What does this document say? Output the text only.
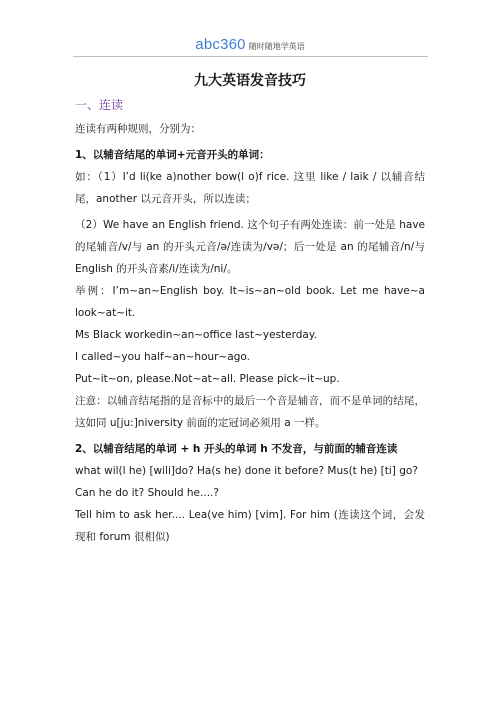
abc360 随时随地学英语
九大英语发音技巧
一、连读

连读有两种规则，分别为：

1、以辅音结尾的单词+元音开头的单词：

如：（1）I’d li(ke a)nother bow(l o)f rice. 这里 like / laik / 以辅音结尾，another 以元音开头，所以连读；

（2）We have an English friend. 这个句子有两处连读：前一处是 have 的尾辅音/v/与 an 的开头元音/ə/连读为/və/；后一处是 an 的尾辅音/n/与 English 的开头音素/i/连读为/ni/。

举例：I’m~an~English boy. It~is~an~old book. Let me have~a look~at~it.

Ms Black workedin~an~office last~yesterday.

I called~you half~an~hour~ago.

Put~it~on, please.Not~at~all. Please pick~it~up.

注意：以辅音结尾指的是音标中的最后一个音是辅音，而不是单词的结尾，这如同 u[ju:]niversity 前面的定冠词必须用 a 一样。

2、以辅音结尾的单词 + h 开头的单词 h 不发音，与前面的辅音连读

what wil(l he) [wili]do? Ha(s he) done it before? Mus(t he) [ti] go?

Can he do it? Should he....?

Tell him to ask her.... Lea(ve him) [vim]. For him (连读这个词，会发现和 forum 很相似)
